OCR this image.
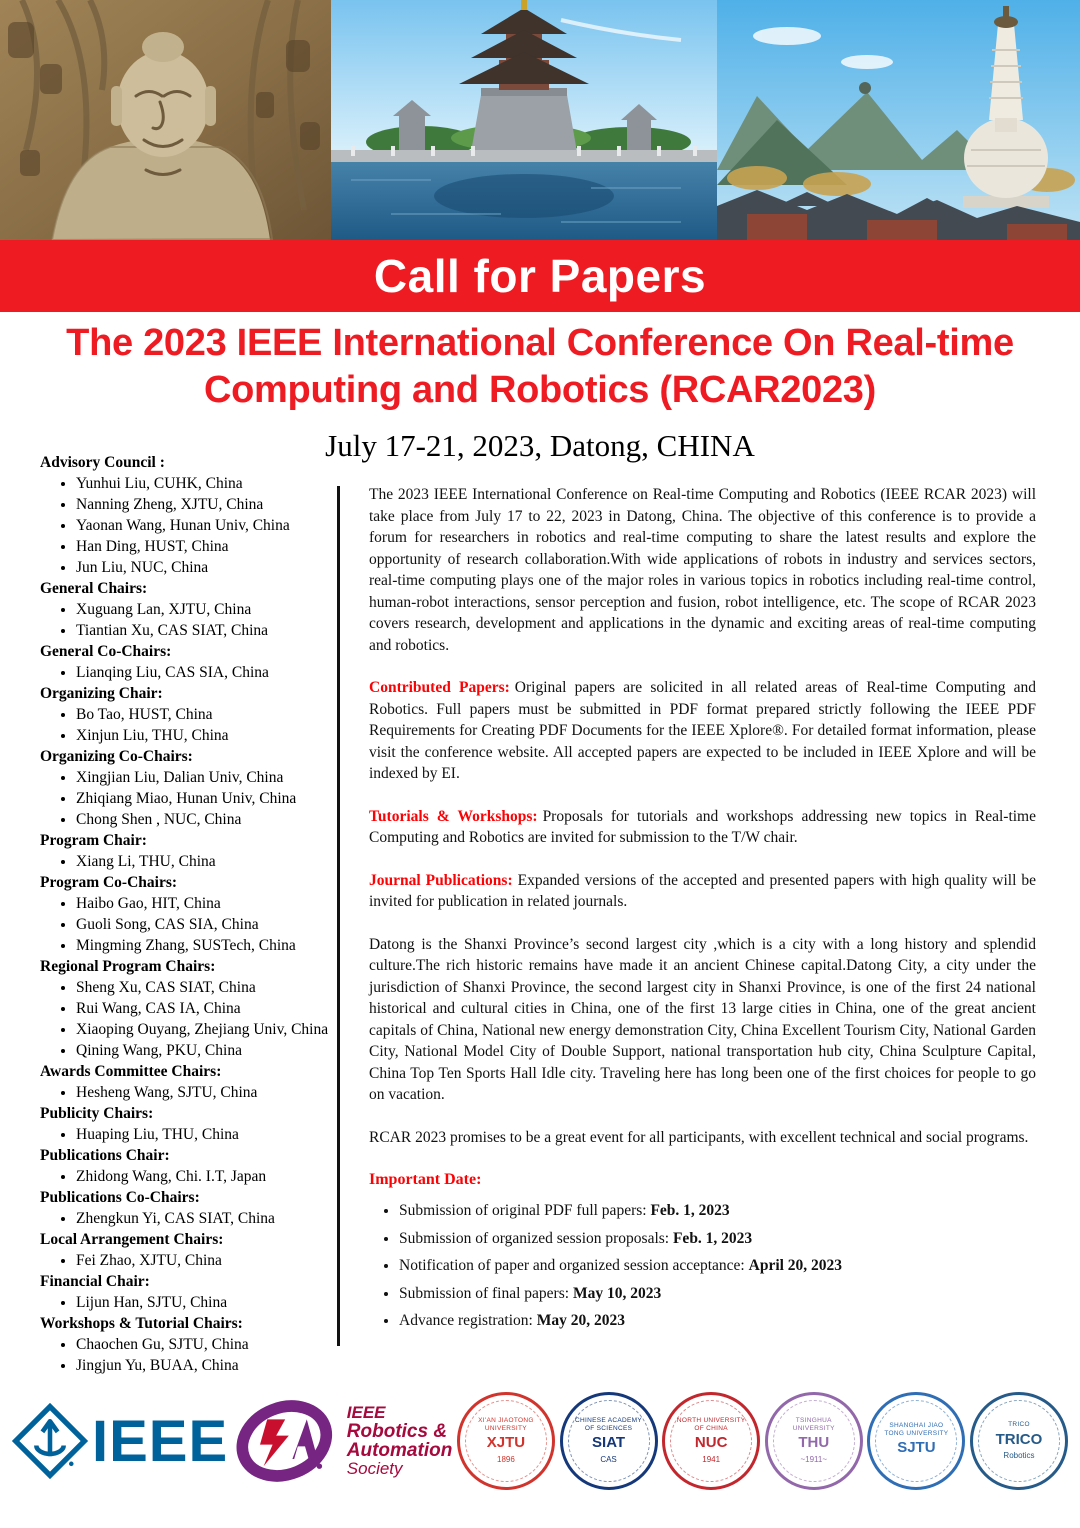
Call for Papers
The 2023 IEEE International Conference On Real-time
Computing and Robotics (RCAR2023)
July 17-21, 2023, Datong, CHINA
Advisory Council :
• Yunhui Liu, CUHK, China
• Nanning Zheng, XJTU, China
• Yaonan Wang, Hunan Univ, China
• Han Ding, HUST, China
• Jun Liu, NUC, China
General Chairs:
• Xuguang Lan, XJTU, China
• Tiantian Xu, CAS SIAT, China
General Co-Chairs:
• Lianqing Liu, CAS SIA, China
Organizing Chair:
• Bo Tao, HUST, China
• Xinjun Liu, THU, China
Organizing Co-Chairs:
• Xingjian Liu, Dalian Univ, China
• Zhiqiang Miao, Hunan Univ, China
• Chong Shen , NUC, China
Program Chair:
• Xiang Li, THU, China
Program Co-Chairs:
• Haibo Gao, HIT, China
• Guoli Song, CAS SIA, China
• Mingming Zhang, SUSTech, China
Regional Program Chairs:
• Sheng Xu, CAS SIAT, China
• Rui Wang, CAS IA, China
• Xiaoping Ouyang, Zhejiang Univ, China
• Qining Wang, PKU, China
Awards Committee Chairs:
• Hesheng Wang, SJTU, China
Publicity Chairs:
• Huaping Liu, THU, China
Publications Chair:
• Zhidong Wang, Chi. I.T, Japan
Publications Co-Chairs:
• Zhengkun Yi, CAS SIAT, China
Local Arrangement Chairs:
• Fei Zhao, XJTU, China
Financial Chair:
• Lijun Han, SJTU, China
Workshops & Tutorial Chairs:
• Chaochen Gu, SJTU, China
• Jingjun Yu, BUAA, China

The 2023 IEEE International Conference on Real-time Computing and Robotics (IEEE RCAR 2023) will take place from July 17 to 22, 2023 in Datong, China. The objective of this conference is to provide a forum for researchers in robotics and real-time computing to share the latest results and explore the opportunity of research collaboration.With wide applications of robots in industry and services sectors, real-time computing plays one of the major roles in various topics in robotics including real-time control, human-robot interactions, sensor perception and fusion, robot intelligence, etc. The scope of RCAR 2023 covers research, development and applications in the dynamic and exciting areas of real-time computing and robotics.

Contributed Papers: Original papers are solicited in all related areas of Real-time Computing and Robotics. Full papers must be submitted in PDF format prepared strictly following the IEEE PDF Requirements for Creating PDF Documents for the IEEE Xplore®. For detailed format information, please visit the conference website. All accepted papers are expected to be included in IEEE Xplore and will be indexed by EI.

Tutorials & Workshops: Proposals for tutorials and workshops addressing new topics in Real-time Computing and Robotics are invited for submission to the T/W chair.

Journal Publications: Expanded versions of the accepted and presented papers with high quality will be invited for publication in related journals.

Datong is the Shanxi Province’s second largest city ,which is a city with a long history and splendid culture.The rich historic remains have made it an ancient Chinese capital.Datong City, a city under the jurisdiction of Shanxi Province, the second largest city in Shanxi Province, is one of the first 24 national historical and cultural cities in China, one of the first 13 large cities in China, one of the great ancient capitals of China, National new energy demonstration City, China Excellent Tourism City, National Garden City, National Model City of Double Support, national transportation hub city, China Sculpture Capital, China Top Ten Sports Hall Idle city. Traveling here has long been one of the first choices for people to go on vacation.

RCAR 2023 promises to be a great event for all participants, with excellent technical and social programs.

Important Date:
• Submission of original PDF full papers: Feb. 1, 2023
• Submission of organized session proposals: Feb. 1, 2023
• Notification of paper and organized session acceptance: April 20, 2023
• Submission of final papers: May 10, 2023
• Advance registration: May 20, 2023
IEEE	IEEE
Robotics &
Automation
Society
XI'AN JIAOTONG UNIVERSITY
XJTU
1896
CHINESE ACADEMY OF SCIENCES
SIAT
CAS
NORTH UNIVERSITY OF CHINA
NUC
1941
TSINGHUA UNIVERSITY
THU
~1911~
SHANGHAI JIAO TONG UNIVERSITY
SJTU
TRICO
TRICO
Robotics
